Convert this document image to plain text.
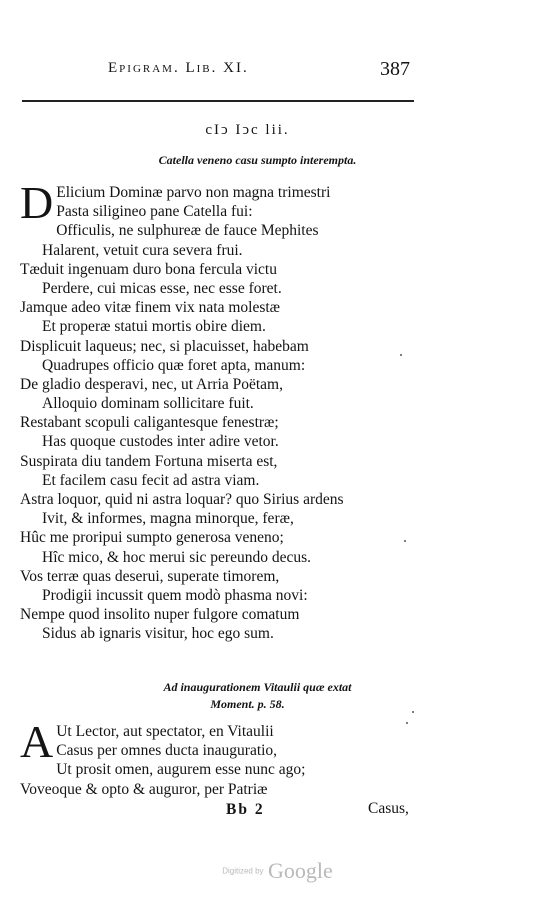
Epigram. Lib. XI.	387
cIↄ Iↄc lii.
Catella veneno casu sumpto interempta.
D Elicium Dominæ parvo non magna trimestri
Pasta siligineo pane Catella fui:
Officulis, ne sulphureæ de fauce Mephites
Halarent, vetuit cura severa frui.
Tæduit ingenuam duro bona fercula victu
Perdere, cui micas esse, nec esse foret.
Jamque adeo vitæ finem vix nata molestæ
Et properæ statui mortis obire diem.
Displicuit laqueus; nec, si placuisset, habebam
Quadrupes officio quæ foret apta, manum:
De gladio desperavi, nec, ut Arria Poëtam,
Alloquio dominam sollicitare fuit.
Restabant scopuli caligantesque fenestræ;
Has quoque custodes inter adire vetor.
Suspirata diu tandem Fortuna miserta est,
Et facilem casu fecit ad astra viam.
Astra loquor, quid ni astra loquar? quo Sirius ardens
Ivit, & informes, magna minorque, feræ,
Hûc me proripui sumpto generosa veneno;
Hîc mico, & hoc merui sic pereundo decus.
Vos terræ quas deserui, superate timorem,
Prodigii incussit quem modò phasma novi:
Nempe quod insolito nuper fulgore comatum
Sidus ab ignaris visitur, hoc ego sum.
Ad inaugurationem Vitaulii quæ extat
Moment. p. 58.
A Ut Lector, aut spectator, en Vitaulii
Casus per omnes ducta inauguratio,
Ut prosit omen, augurem esse nunc ago;
Voveoque & opto & auguror, per Patriæ
Bb 2	Casus,
Digitized by Google
